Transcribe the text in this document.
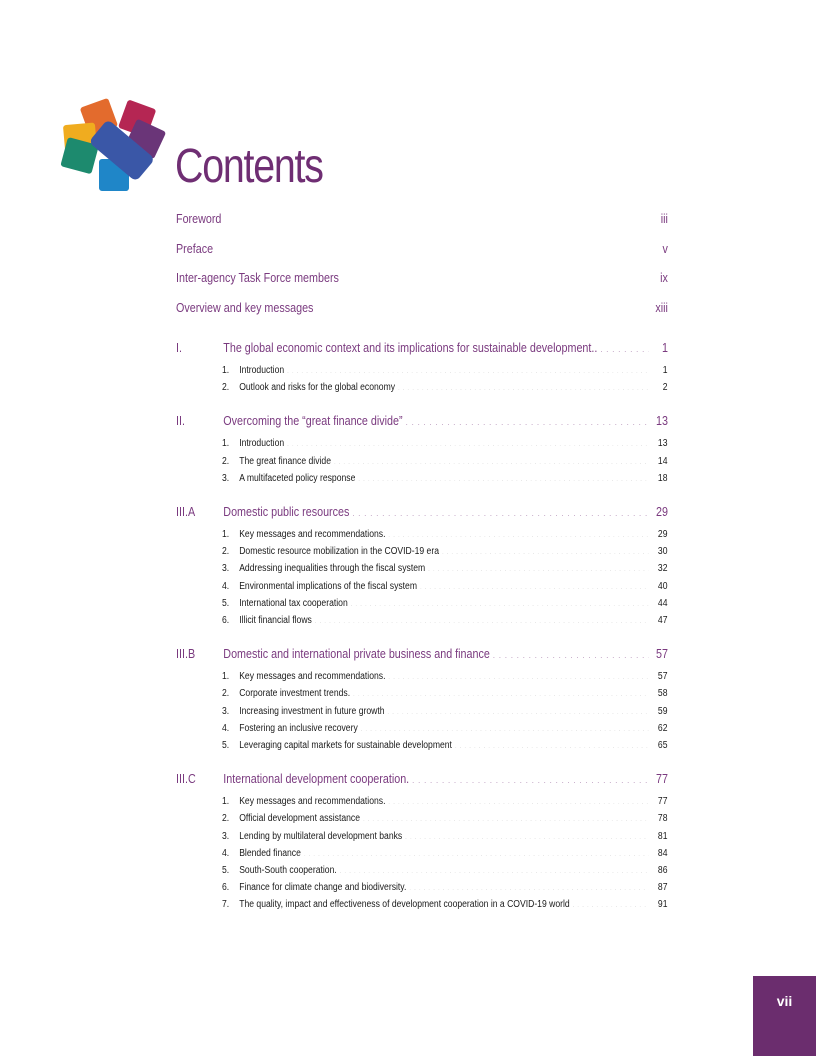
Contents
Foreword . . .	iii
Preface . . .	v
Inter-agency Task Force members . . .	ix
Overview and key messages . . .	xiii
I.	The global economic context and its implications for sustainable development.. . . .	1
1.	Introduction . . .	1
2.	Outlook and risks for the global economy . . .	2
II.	Overcoming the “great finance divide” . . .	13
1.	Introduction . . .	13
2.	The great finance divide . . .	14
3.	A multifaceted policy response . . .	18
III.A	Domestic public resources . . .	29
1.	Key messages and recommendations. . . .	29
2.	Domestic resource mobilization in the COVID-19 era . . .	30
3.	Addressing inequalities through the fiscal system . . .	32
4.	Environmental implications of the fiscal system . . .	40
5.	International tax cooperation . . .	44
6.	Illicit financial flows . . .	47
III.B	Domestic and international private business and finance . . .	57
1.	Key messages and recommendations. . . .	57
2.	Corporate investment trends. . . .	58
3.	Increasing investment in future growth . . .	59
4.	Fostering an inclusive recovery . . .	62
5.	Leveraging capital markets for sustainable development . . .	65
III.C	International development cooperation. . . .	77
1.	Key messages and recommendations. . . .	77
2.	Official development assistance . . .	78
3.	Lending by multilateral development banks . . .	81
4.	Blended finance . . .	84
5.	South-South cooperation. . . .	86
6.	Finance for climate change and biodiversity. . . .	87
7.	The quality, impact and effectiveness of development cooperation in a COVID-19 world . . .	91
vii
